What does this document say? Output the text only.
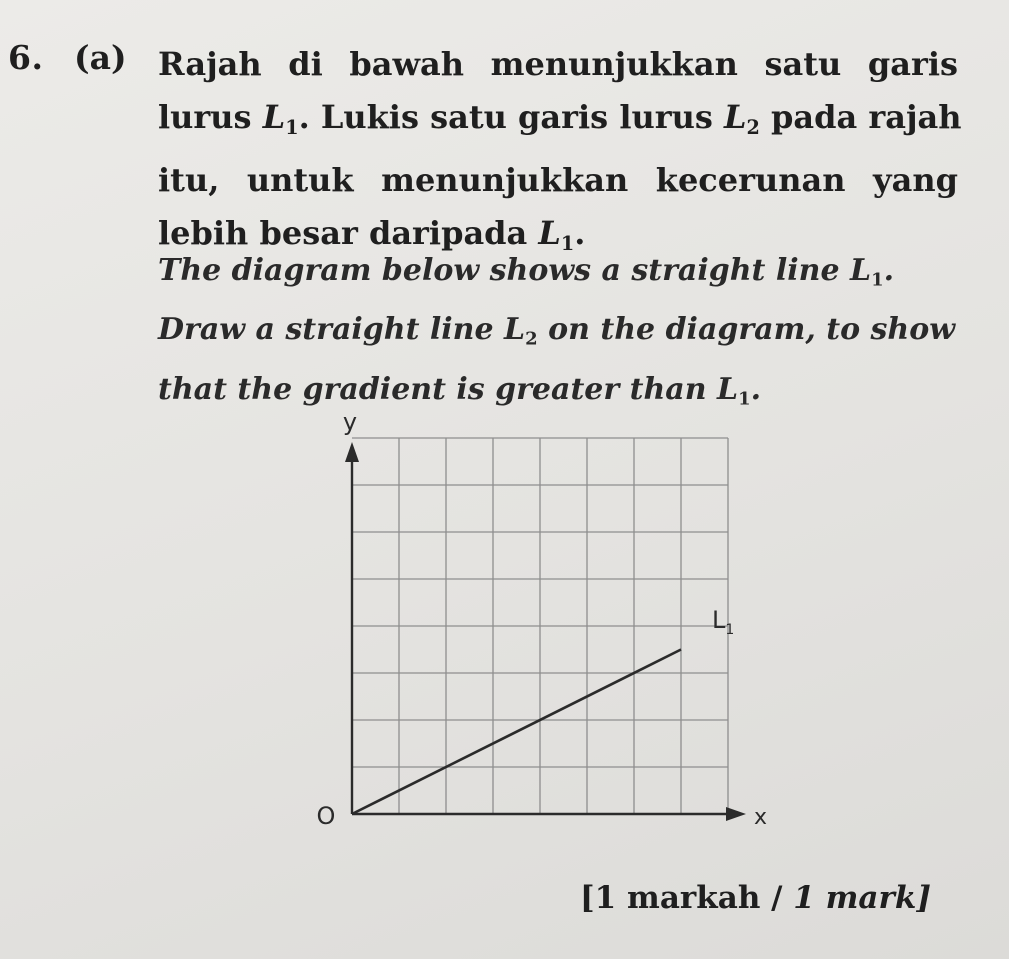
6. (a) Rajah di bawah menunjukkan satu garis
lurus $L_1$. Lukis satu garis lurus $L_2$ pada rajah
itu, untuk menunjukkan kecerunan yang
lebih besar daripada $L_1$.
The diagram below shows a straight line $L_1$.
Draw a straight line $L_2$ on the diagram, to show
that the gradient is greater than $L_1$.
y
x
O
$L_1$
[1 markah / 1 mark]
